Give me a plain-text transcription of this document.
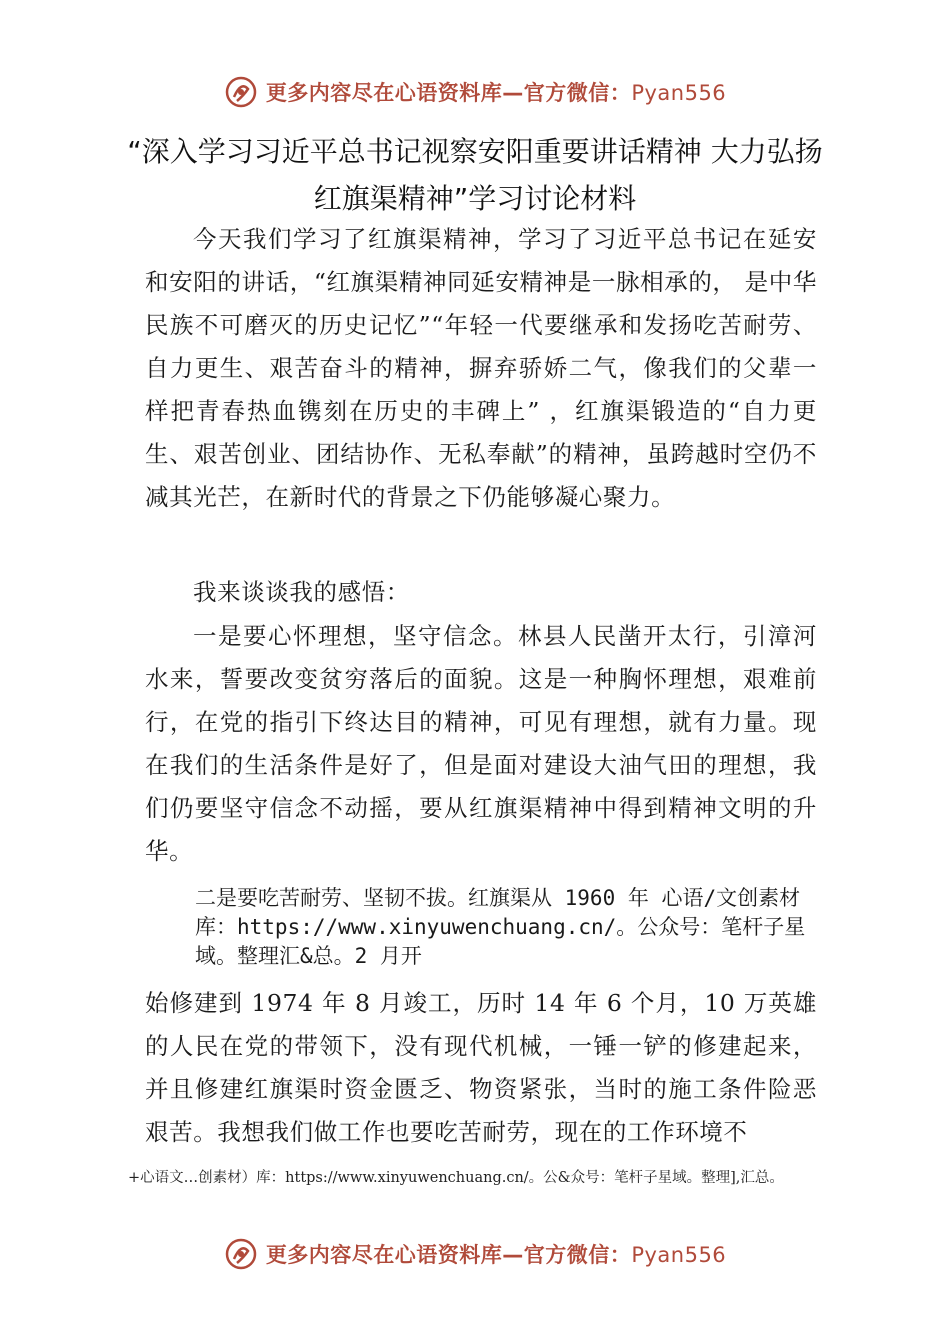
更多内容尽在心语资料库—官方微信：Pyan556
“深入学习习近平总书记视察安阳重要讲话精神 大力弘扬红旗渠精神”学习讨论材料
今天我们学习了红旗渠精神，学习了习近平总书记在延安和安阳的讲话，“红旗渠精神同延安精神是一脉相承的， 是中华民族不可磨灭的历史记忆”“年轻一代要继承和发扬吃苦耐劳、自力更生、艰苦奋斗的精神，摒弃骄娇二气，像我们的父辈一样把青春热血镌刻在历史的丰碑上” ，红旗渠锻造的“自力更生、艰苦创业、团结协作、无私奉献”的精神，虽跨越时空仍不减其光芒，在新时代的背景之下仍能够凝心聚力。
我来谈谈我的感悟：
一是要心怀理想，坚守信念。林县人民凿开太行，引漳河水来，誓要改变贫穷落后的面貌。这是一种胸怀理想，艰难前行，在党的指引下终达目的精神，可见有理想，就有力量。现在我们的生活条件是好了，但是面对建设大油气田的理想，我们仍要坚守信念不动摇，要从红旗渠精神中得到精神文明的升华。
二是要吃苦耐劳、坚韧不拔。红旗渠从 1960 年 心语/文创素材库：https://www.xinyuwenchuang.cn/。公众号：笔杆子星域。整理汇&总。2 月开
始修建到 1974 年 8 月竣工，历时 14 年 6 个月，10 万英雄的人民在党的带领下，没有现代机械，一锤一铲的修建起来，并且修建红旗渠时资金匮乏、物资紧张，当时的施工条件险恶艰苦。我想我们做工作也要吃苦耐劳，现在的工作环境不
+心语文…创素材）库：https://www.xinyuwenchuang.cn/。公&众号：笔杆子星域。整理],汇总。
更多内容尽在心语资料库—官方微信：Pyan556
